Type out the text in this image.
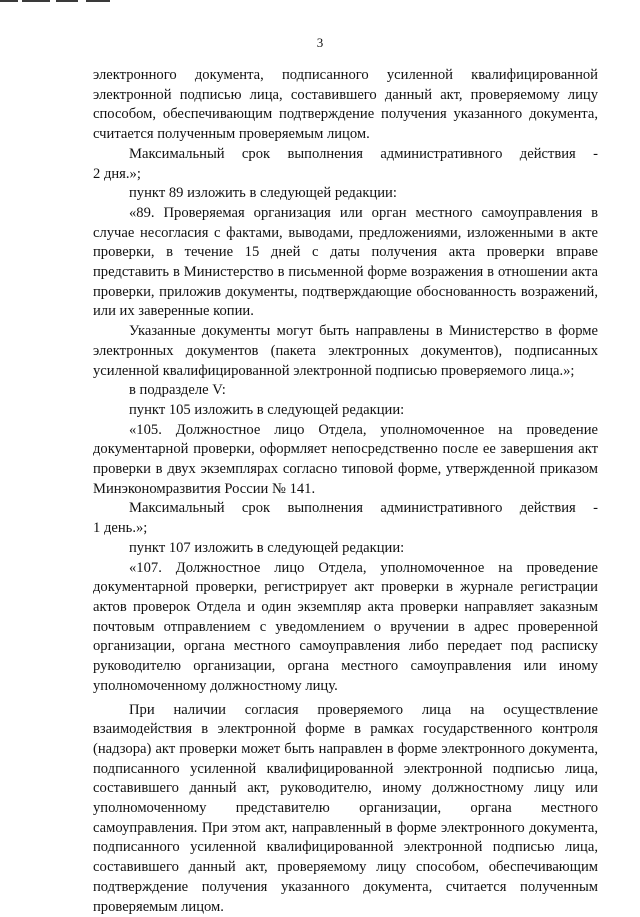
3

электронного документа, подписанного усиленной квалифицированной электронной подписью лица, составившего данный акт, проверяемому лицу способом, обеспечивающим подтверждение получения указанного документа, считается полученным проверяемым лицом.

Максимальный срок выполнения административного действия -

2 дня.»;

пункт 89 изложить в следующей редакции:

«89. Проверяемая организация или орган местного самоуправления в случае несогласия с фактами, выводами, предложениями, изложенными в акте проверки, в течение 15 дней с даты получения акта проверки вправе представить в Министерство в письменной форме возражения в отношении акта проверки, приложив документы, подтверждающие обоснованность возражений, или их заверенные копии.

Указанные документы могут быть направлены в Министерство в форме электронных документов (пакета электронных документов), подписанных усиленной квалифицированной электронной подписью проверяемого лица.»;

в подразделе V:

пункт 105 изложить в следующей редакции:

«105. Должностное лицо Отдела, уполномоченное на проведение документарной проверки, оформляет непосредственно после ее завершения акт проверки в двух экземплярах согласно типовой форме, утвержденной приказом Минэкономразвития России № 141.

Максимальный срок выполнения административного действия -

1 день.»;

пункт 107 изложить в следующей редакции:

«107. Должностное лицо Отдела, уполномоченное на проведение документарной проверки, регистрирует акт проверки в журнале регистрации актов проверок Отдела и один экземпляр акта проверки направляет заказным почтовым отправлением с уведомлением о вручении в адрес проверенной организации, органа местного самоуправления либо передает под расписку руководителю организации, органа местного самоуправления или иному уполномоченному должностному лицу.

При наличии согласия проверяемого лица на осуществление взаимодействия в электронной форме в рамках государственного контроля (надзора) акт проверки может быть направлен в форме электронного документа, подписанного усиленной квалифицированной электронной подписью лица, составившего данный акт, руководителю, иному должностному лицу или уполномоченному представителю организации, органа местного самоуправления. При этом акт, направленный в форме электронного документа, подписанного усиленной квалифицированной электронной подписью лица, составившего данный акт, проверяемому лицу способом, обеспечивающим подтверждение получения указанного документа, считается полученным проверяемым лицом.
